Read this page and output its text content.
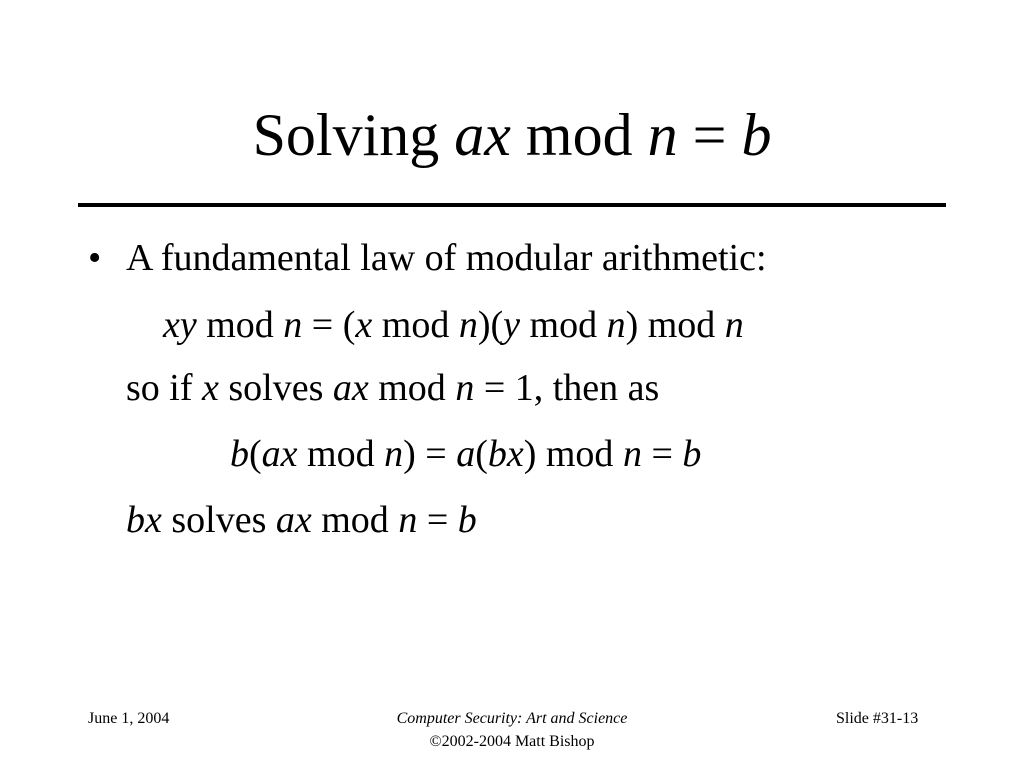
Solving ax mod n = b
• A fundamental law of modular arithmetic:
xy mod n = (x mod n)(y mod n) mod n
so if x solves ax mod n = 1, then as
b(ax mod n) = a(bx) mod n = b
bx solves ax mod n = b
June 1, 2004	Computer Security: Art and Science
©2002-2004 Matt Bishop
Slide #31-13
